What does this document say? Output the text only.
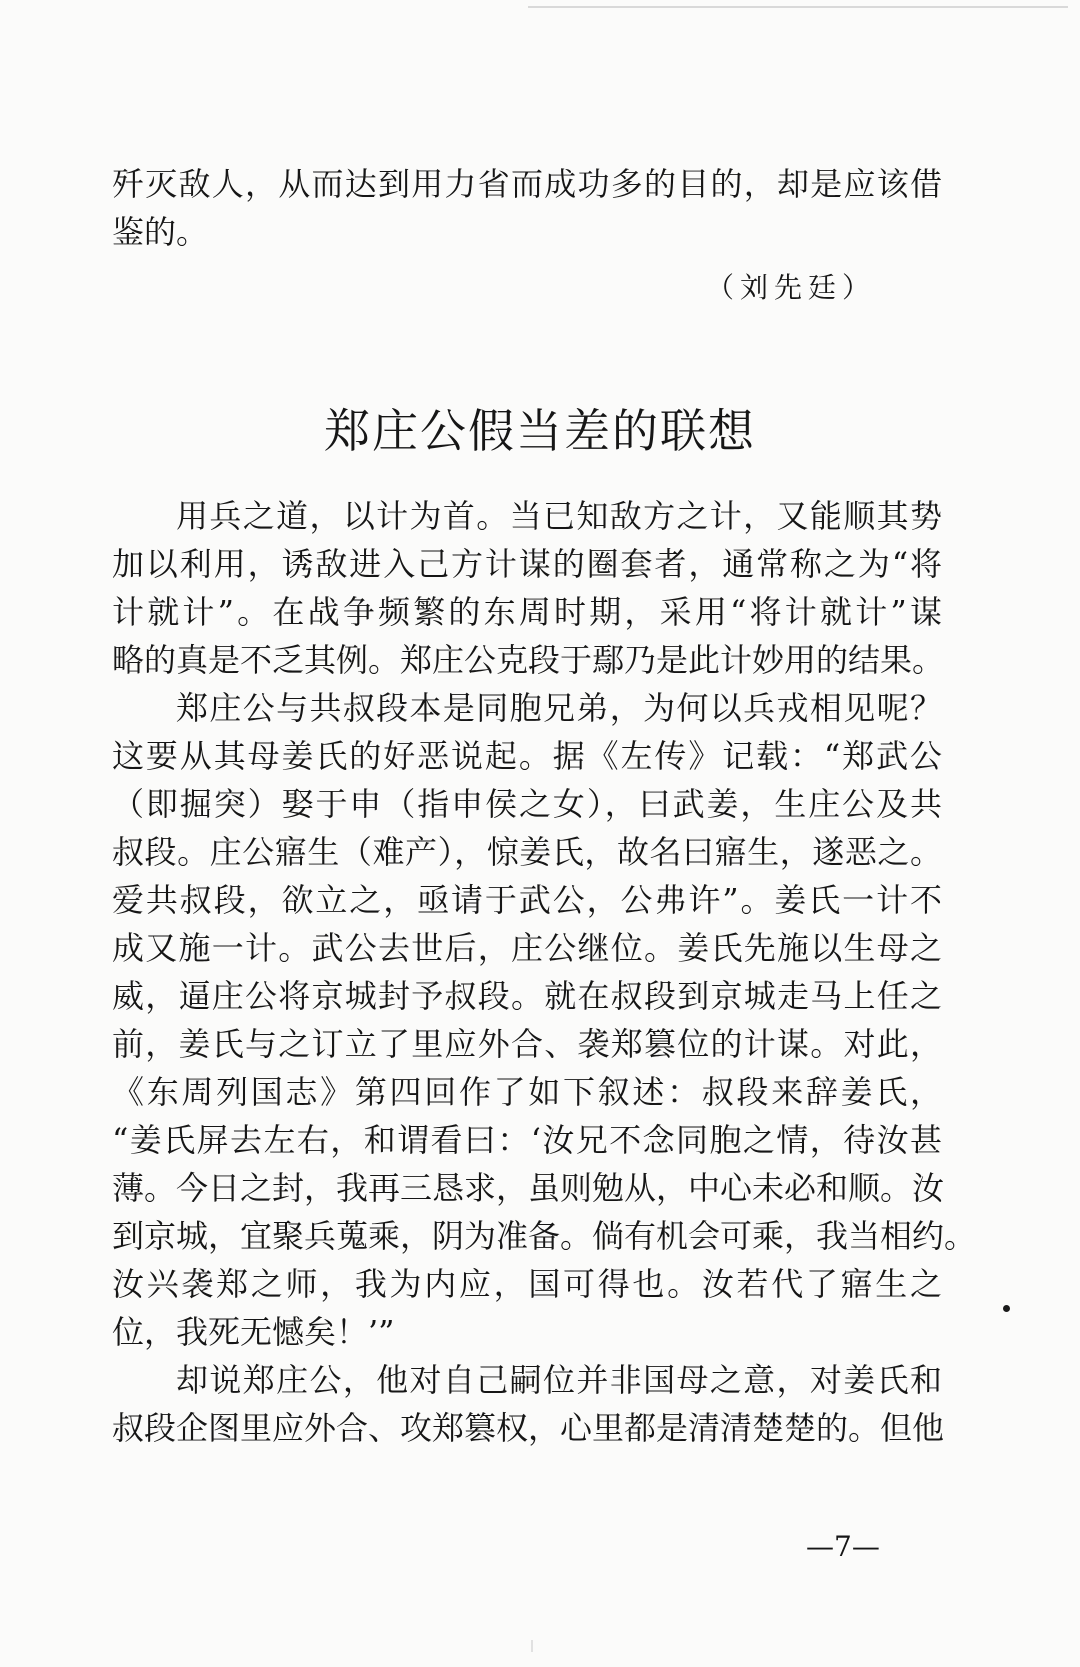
歼灭敌人，从而达到用力省而成功多的目的，却是应该借
鉴的。
（刘先廷）
郑庄公假当差的联想
用兵之道，以计为首。当已知敌方之计，又能顺其势
加以利用，诱敌进入己方计谋的圈套者，通常称之为“将
计就计”。在战争频繁的东周时期，采用“将计就计”谋
略的真是不乏其例。郑庄公克段于鄢乃是此计妙用的结果。
郑庄公与共叔段本是同胞兄弟，为何以兵戎相见呢？
这要从其母姜氏的好恶说起。据《左传》记载：“郑武公
（即掘突）娶于申（指申侯之女），曰武姜，生庄公及共
叔段。庄公寤生（难产），惊姜氏，故名曰寤生，遂恶之。
爱共叔段，欲立之，亟请于武公，公弗许”。姜氏一计不
成又施一计。武公去世后，庄公继位。姜氏先施以生母之
威，逼庄公将京城封予叔段。就在叔段到京城走马上任之
前，姜氏与之订立了里应外合、袭郑篡位的计谋。对此，
《东周列国志》第四回作了如下叙述：叔段来辞姜氏，
“姜氏屏去左右，和谓看曰：‘汝兄不念同胞之情，待汝甚
薄。今日之封，我再三恳求，虽则勉从，中心未必和顺。汝
到京城，宜聚兵蒐乘，阴为准备。倘有机会可乘，我当相约。
汝兴袭郑之师，我为内应，国可得也。汝若代了寤生之
位，我死无憾矣！’”
却说郑庄公，他对自己嗣位并非国母之意，对姜氏和
叔段企图里应外合、攻郑篡权，心里都是清清楚楚的。但他
—7—
